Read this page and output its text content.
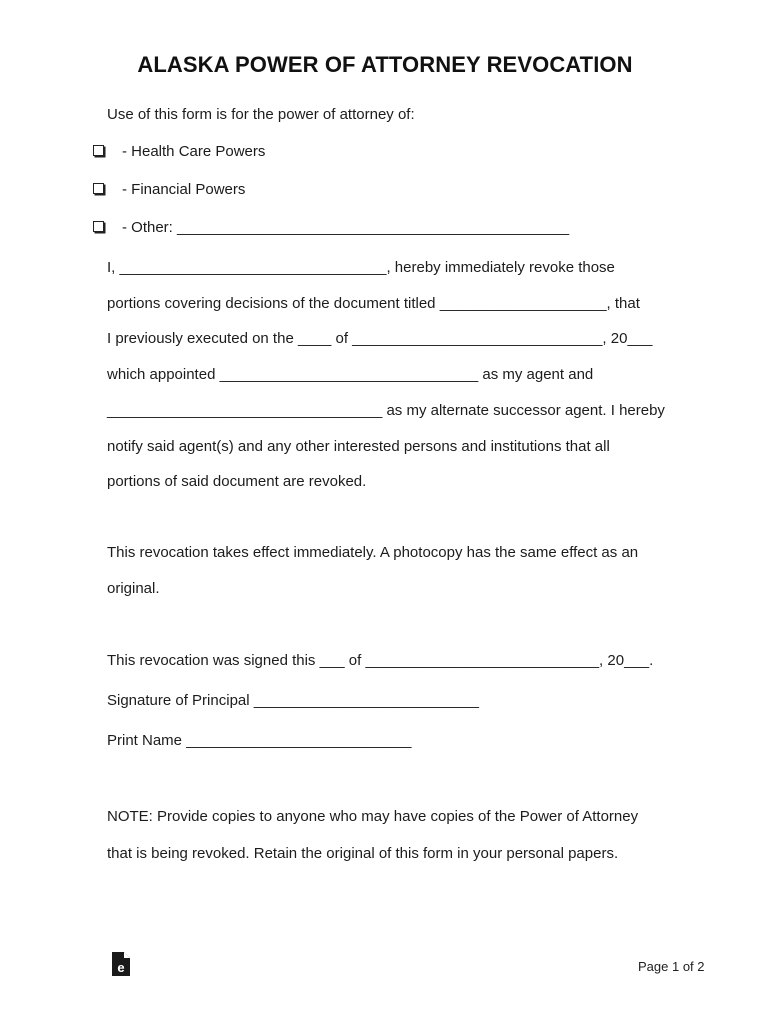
ALASKA POWER OF ATTORNEY REVOCATION
Use of this form is for the power of attorney of:
- Health Care Powers
- Financial Powers
- Other: _______________________________________________
I, ________________________________, hereby immediately revoke those
portions covering decisions of the document titled ____________________, that
I previously executed on the ____ of ______________________________, 20___
which appointed _______________________________ as my agent and
_________________________________ as my alternate successor agent. I hereby
notify said agent(s) and any other interested persons and institutions that all
portions of said document are revoked.
This revocation takes effect immediately. A photocopy has the same effect as an
original.
This revocation was signed this ___ of ____________________________, 20___.
Signature of Principal ___________________________
Print Name ___________________________
NOTE: Provide copies to anyone who may have copies of the Power of Attorney
that is being revoked. Retain the original of this form in your personal papers.
e	Page 1 of 2
